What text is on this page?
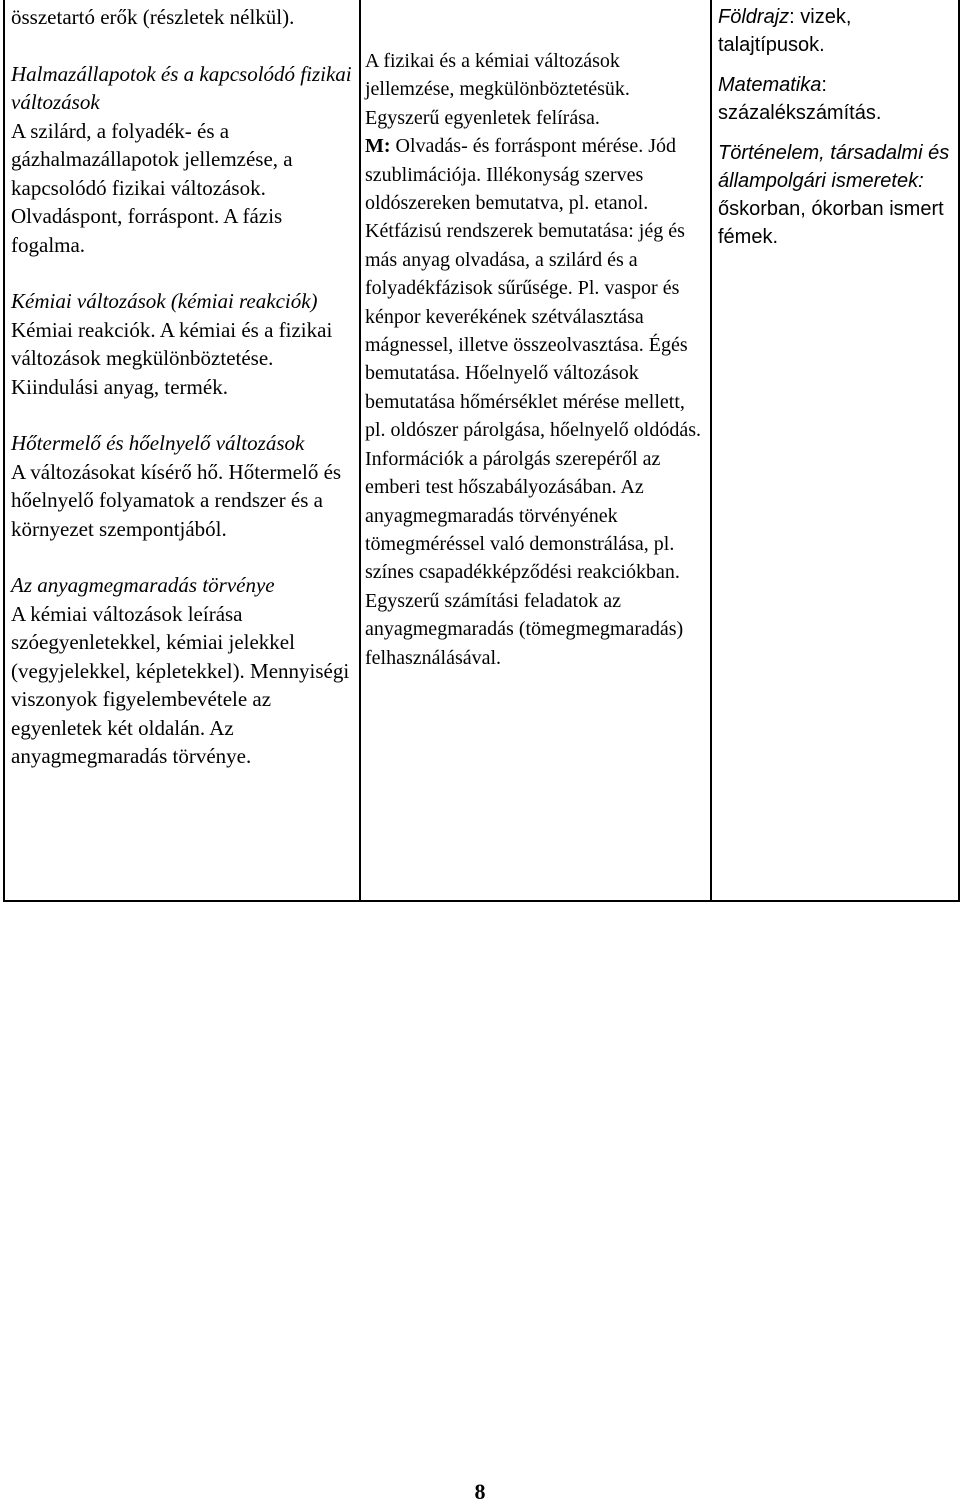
összetartó erők (részletek nélkül).
Halmazállapotok és a kapcsolódó fizikai változások
A szilárd, a folyadék- és a gázhalmazállapotok jellemzése, a kapcsolódó fizikai változások. Olvadáspont, forráspont. A fázis fogalma.
Kémiai változások (kémiai reakciók)
Kémiai reakciók. A kémiai és a fizikai változások megkülönböztetése. Kiindulási anyag, termék.
Hőtermelő és hőelnyelő változások
A változásokat kísérő hő. Hőtermelő és hőelnyelő folyamatok a rendszer és a környezet szempontjából.
Az anyagmegmaradás törvénye
A kémiai változások leírása szóegyenletekkel, kémiai jelekkel (vegyjelekkel, képletekkel). Mennyiségi viszonyok figyelembevétele az egyenletek két oldalán. Az anyagmegmaradás törvénye.
A fizikai és a kémiai változások jellemzése, megkülönböztetésük. Egyszerű egyenletek felírása.
M: Olvadás- és forráspont mérése. Jód szublimációja. Illékonyság szerves oldószereken bemutatva, pl. etanol. Kétfázisú rendszerek bemutatása: jég és más anyag olvadása, a szilárd és a folyadékfázisok sűrűsége. Pl. vaspor és kénpor keverékének szétválasztása mágnessel, illetve összeolvasztása. Égés bemutatása. Hőelnyelő változások bemutatása hőmérséklet mérése mellett, pl. oldószer párolgása, hőelnyelő oldódás. Információk a párolgás szerepéről az emberi test hőszabályozásában. Az anyagmegmaradás törvényének tömegméréssel való demonstrálása, pl. színes csapadékképződési reakciókban. Egyszerű számítási feladatok az anyagmegmaradás (tömegmegmaradás) felhasználásával.
Földrajz: vizek, talajtípusok.
Matematika: százalékszámítás.
Történelem, társadalmi és állampolgári ismeretek: őskorban, ókorban ismert fémek.
8
